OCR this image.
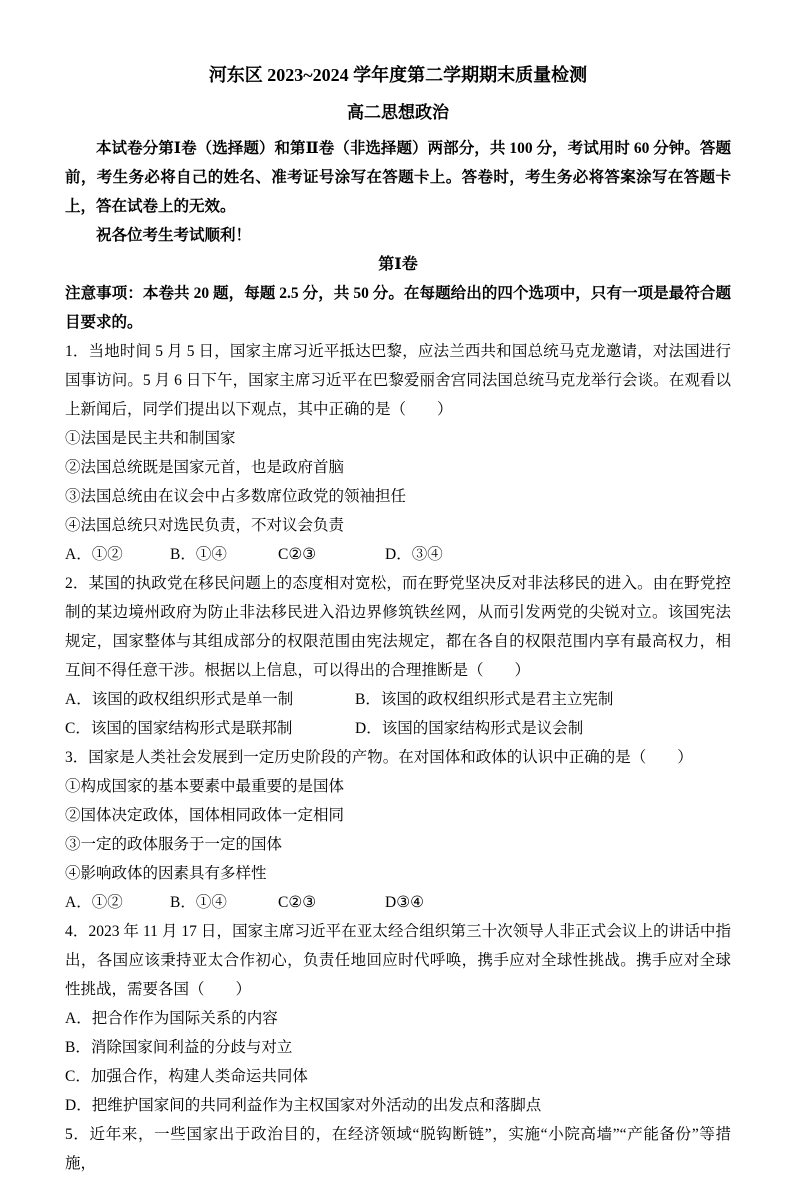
河东区 2023~2024 学年度第二学期期末质量检测
高二思想政治

本试卷分第Ⅰ卷（选择题）和第Ⅱ卷（非选择题）两部分，共 100 分，考试用时 60 分钟。答题前，考生务必将自己的姓名、准考证号涂写在答题卡上。答卷时，考生务必将答案涂写在答题卡上，答在试卷上的无效。

祝各位考生考试顺利！

第Ⅰ卷

注意事项：本卷共 20 题，每题 2.5 分，共 50 分。在每题给出的四个选项中，只有一项是最符合题目要求的。

1．当地时间 5 月 5 日，国家主席习近平抵达巴黎，应法兰西共和国总统马克龙邀请，对法国进行国事访问。5 月 6 日下午，国家主席习近平在巴黎爱丽舍宫同法国总统马克龙举行会谈。在观看以上新闻后，同学们提出以下观点，其中正确的是（　　）

①法国是民主共和制国家

②法国总统既是国家元首，也是政府首脑

③法国总统由在议会中占多数席位政党的领袖担任

④法国总统只对选民负责，不对议会负责

A．①②	B．①④	C②③	D．③④

2．某国的执政党在移民问题上的态度相对宽松，而在野党坚决反对非法移民的进入。由在野党控制的某边境州政府为防止非法移民进入沿边界修筑铁丝网，从而引发两党的尖锐对立。该国宪法规定，国家整体与其组成部分的权限范围由宪法规定，都在各自的权限范围内享有最高权力，相互间不得任意干涉。根据以上信息，可以得出的合理推断是（　　）

A．该国的政权组织形式是单一制	B．该国的政权组织形式是君主立宪制
C．该国的国家结构形式是联邦制	D．该国的国家结构形式是议会制

3．国家是人类社会发展到一定历史阶段的产物。在对国体和政体的认识中正确的是（　　）

①构成国家的基本要素中最重要的是国体

②国体决定政体，国体相同政体一定相同

③一定的政体服务于一定的国体

④影响政体的因素具有多样性

A．①②	B．①④	C②③	D③④

4．2023 年 11 月 17 日，国家主席习近平在亚太经合组织第三十次领导人非正式会议上的讲话中指出，各国应该秉持亚太合作初心，负责任地回应时代呼唤，携手应对全球性挑战。携手应对全球性挑战，需要各国（　　）

A．把合作作为国际关系的内容
B．消除国家间利益的分歧与对立
C．加强合作，构建人类命运共同体
D．把维护国家间的共同利益作为主权国家对外活动的出发点和落脚点

5．近年来，一些国家出于政治目的，在经济领域“脱钩断链”，实施“小院高墙”“产能备份”等措施，
